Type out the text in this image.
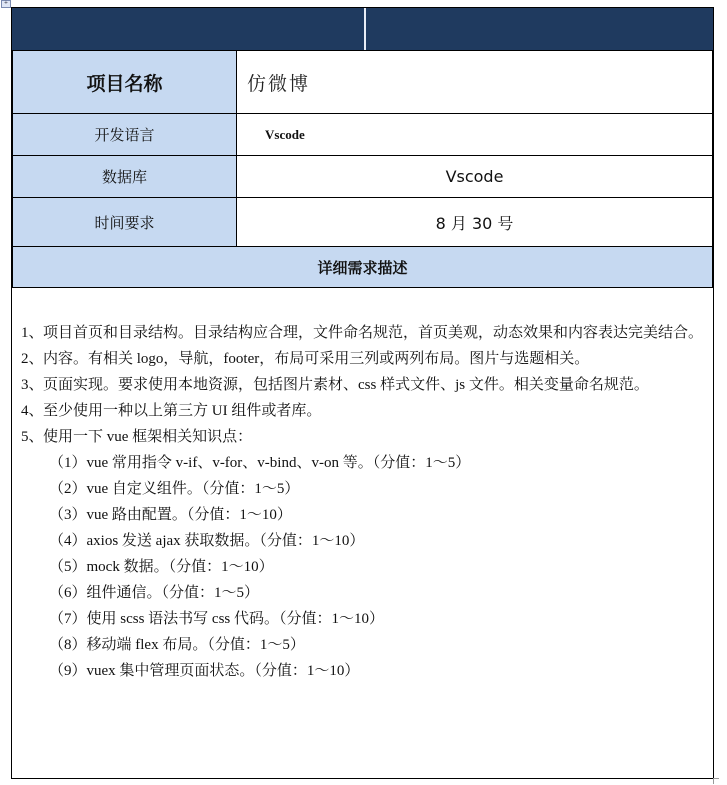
+
项目名称	仿微博
开发语言	Vscode
数据库	Vscode
时间要求	8 月 30 号
详细需求描述	
1、 项目首页和目录结构。目录结构应合理，文件命名规范，首页美观，动态效果和内容表达完美结合。
2、 内容。有相关 logo，导航，footer，布局可采用三列或两列布局。图片与选题相关。
3、 页面实现。要求使用本地资源，包括图片素材、css 样式文件、js 文件。相关变量命名规范。
4、 至少使用一种以上第三方 UI 组件或者库。
5、 使用一下 vue 框架相关知识点：
（1）vue 常用指令 v-if、v-for、v-bind、v-on 等。（分值：1～5）
（2）vue 自定义组件。（分值：1～5）
（3）vue 路由配置。（分值：1～10）
（4）axios 发送 ajax 获取数据。（分值：1～10）
（5）mock 数据。（分值：1～10）
（6）组件通信。（分值：1～5）
（7）使用 scss 语法书写 css 代码。（分值：1～10）
（8）移动端 flex 布局。（分值：1～5）
（9）vuex 集中管理页面状态。（分值：1～10）
